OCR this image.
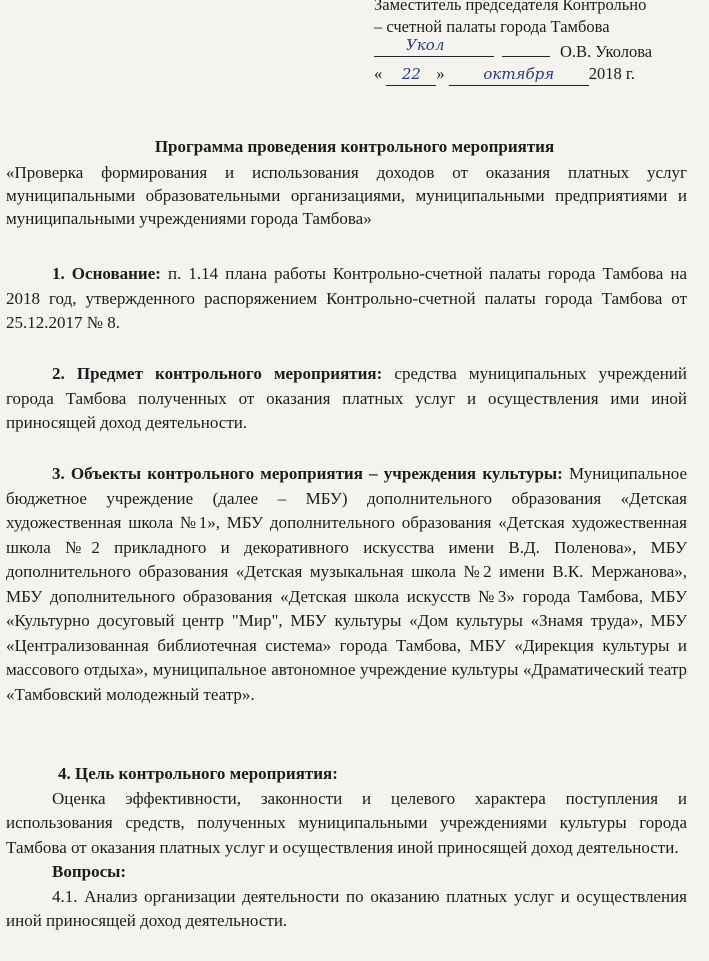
Заместитель председателя Контрольно
– счетной палаты города Тамбова
Укол	О.В. Уколова
« 22 »	октября 2018 г.
Программа проведения контрольного мероприятия

«Проверка формирования и использования доходов от оказания платных услуг муниципальными образовательными организациями, муниципальными предприятиями и муниципальными учреждениями города Тамбова»

1. Основание: п. 1.14 плана работы Контрольно-счетной палаты города Тамбова на 2018 год, утвержденного распоряжением Контрольно-счетной палаты города Тамбова от 25.12.2017 № 8.

2. Предмет контрольного мероприятия: средства муниципальных учреждений города Тамбова полученных от оказания платных услуг и осуществления ими иной приносящей доход деятельности.

3. Объекты контрольного мероприятия – учреждения культуры: Муниципальное бюджетное учреждение (далее – МБУ) дополнительного образования «Детская художественная школа №1», МБУ дополнительного образования «Детская художественная школа №2 прикладного и декоративного искусства имени В.Д. Поленова», МБУ дополнительного образования «Детская музыкальная школа №2 имени В.К. Мержанова», МБУ дополнительного образования «Детская школа искусств №3» города Тамбова, МБУ «Культурно досуговый центр "Мир", МБУ культуры «Дом культуры «Знамя труда», МБУ «Централизованная библиотечная система» города Тамбова, МБУ «Дирекция культуры и массового отдыха», муниципальное автономное учреждение культуры «Драматический театр «Тамбовский молодежный театр».

4. Цель контрольного мероприятия:

Оценка эффективности, законности и целевого характера поступления и использования средств, полученных муниципальными учреждениями культуры города Тамбова от оказания платных услуг и осуществления иной приносящей доход деятельности.

Вопросы:

4.1. Анализ организации деятельности по оказанию платных услуг и осуществления иной приносящей доход деятельности.
